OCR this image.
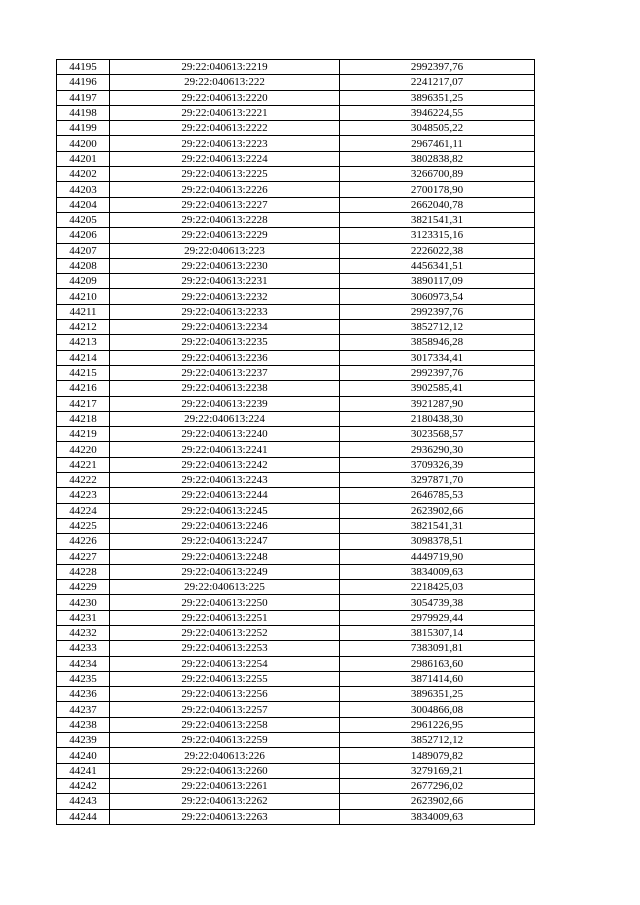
44195	29:22:040613:2219	2992397,76
44196	29:22:040613:222	2241217,07
44197	29:22:040613:2220	3896351,25
44198	29:22:040613:2221	3946224,55
44199	29:22:040613:2222	3048505,22
44200	29:22:040613:2223	2967461,11
44201	29:22:040613:2224	3802838,82
44202	29:22:040613:2225	3266700,89
44203	29:22:040613:2226	2700178,90
44204	29:22:040613:2227	2662040,78
44205	29:22:040613:2228	3821541,31
44206	29:22:040613:2229	3123315,16
44207	29:22:040613:223	2226022,38
44208	29:22:040613:2230	4456341,51
44209	29:22:040613:2231	3890117,09
44210	29:22:040613:2232	3060973,54
44211	29:22:040613:2233	2992397,76
44212	29:22:040613:2234	3852712,12
44213	29:22:040613:2235	3858946,28
44214	29:22:040613:2236	3017334,41
44215	29:22:040613:2237	2992397,76
44216	29:22:040613:2238	3902585,41
44217	29:22:040613:2239	3921287,90
44218	29:22:040613:224	2180438,30
44219	29:22:040613:2240	3023568,57
44220	29:22:040613:2241	2936290,30
44221	29:22:040613:2242	3709326,39
44222	29:22:040613:2243	3297871,70
44223	29:22:040613:2244	2646785,53
44224	29:22:040613:2245	2623902,66
44225	29:22:040613:2246	3821541,31
44226	29:22:040613:2247	3098378,51
44227	29:22:040613:2248	4449719,90
44228	29:22:040613:2249	3834009,63
44229	29:22:040613:225	2218425,03
44230	29:22:040613:2250	3054739,38
44231	29:22:040613:2251	2979929,44
44232	29:22:040613:2252	3815307,14
44233	29:22:040613:2253	7383091,81
44234	29:22:040613:2254	2986163,60
44235	29:22:040613:2255	3871414,60
44236	29:22:040613:2256	3896351,25
44237	29:22:040613:2257	3004866,08
44238	29:22:040613:2258	2961226,95
44239	29:22:040613:2259	3852712,12
44240	29:22:040613:226	1489079,82
44241	29:22:040613:2260	3279169,21
44242	29:22:040613:2261	2677296,02
44243	29:22:040613:2262	2623902,66
44244	29:22:040613:2263	3834009,63
